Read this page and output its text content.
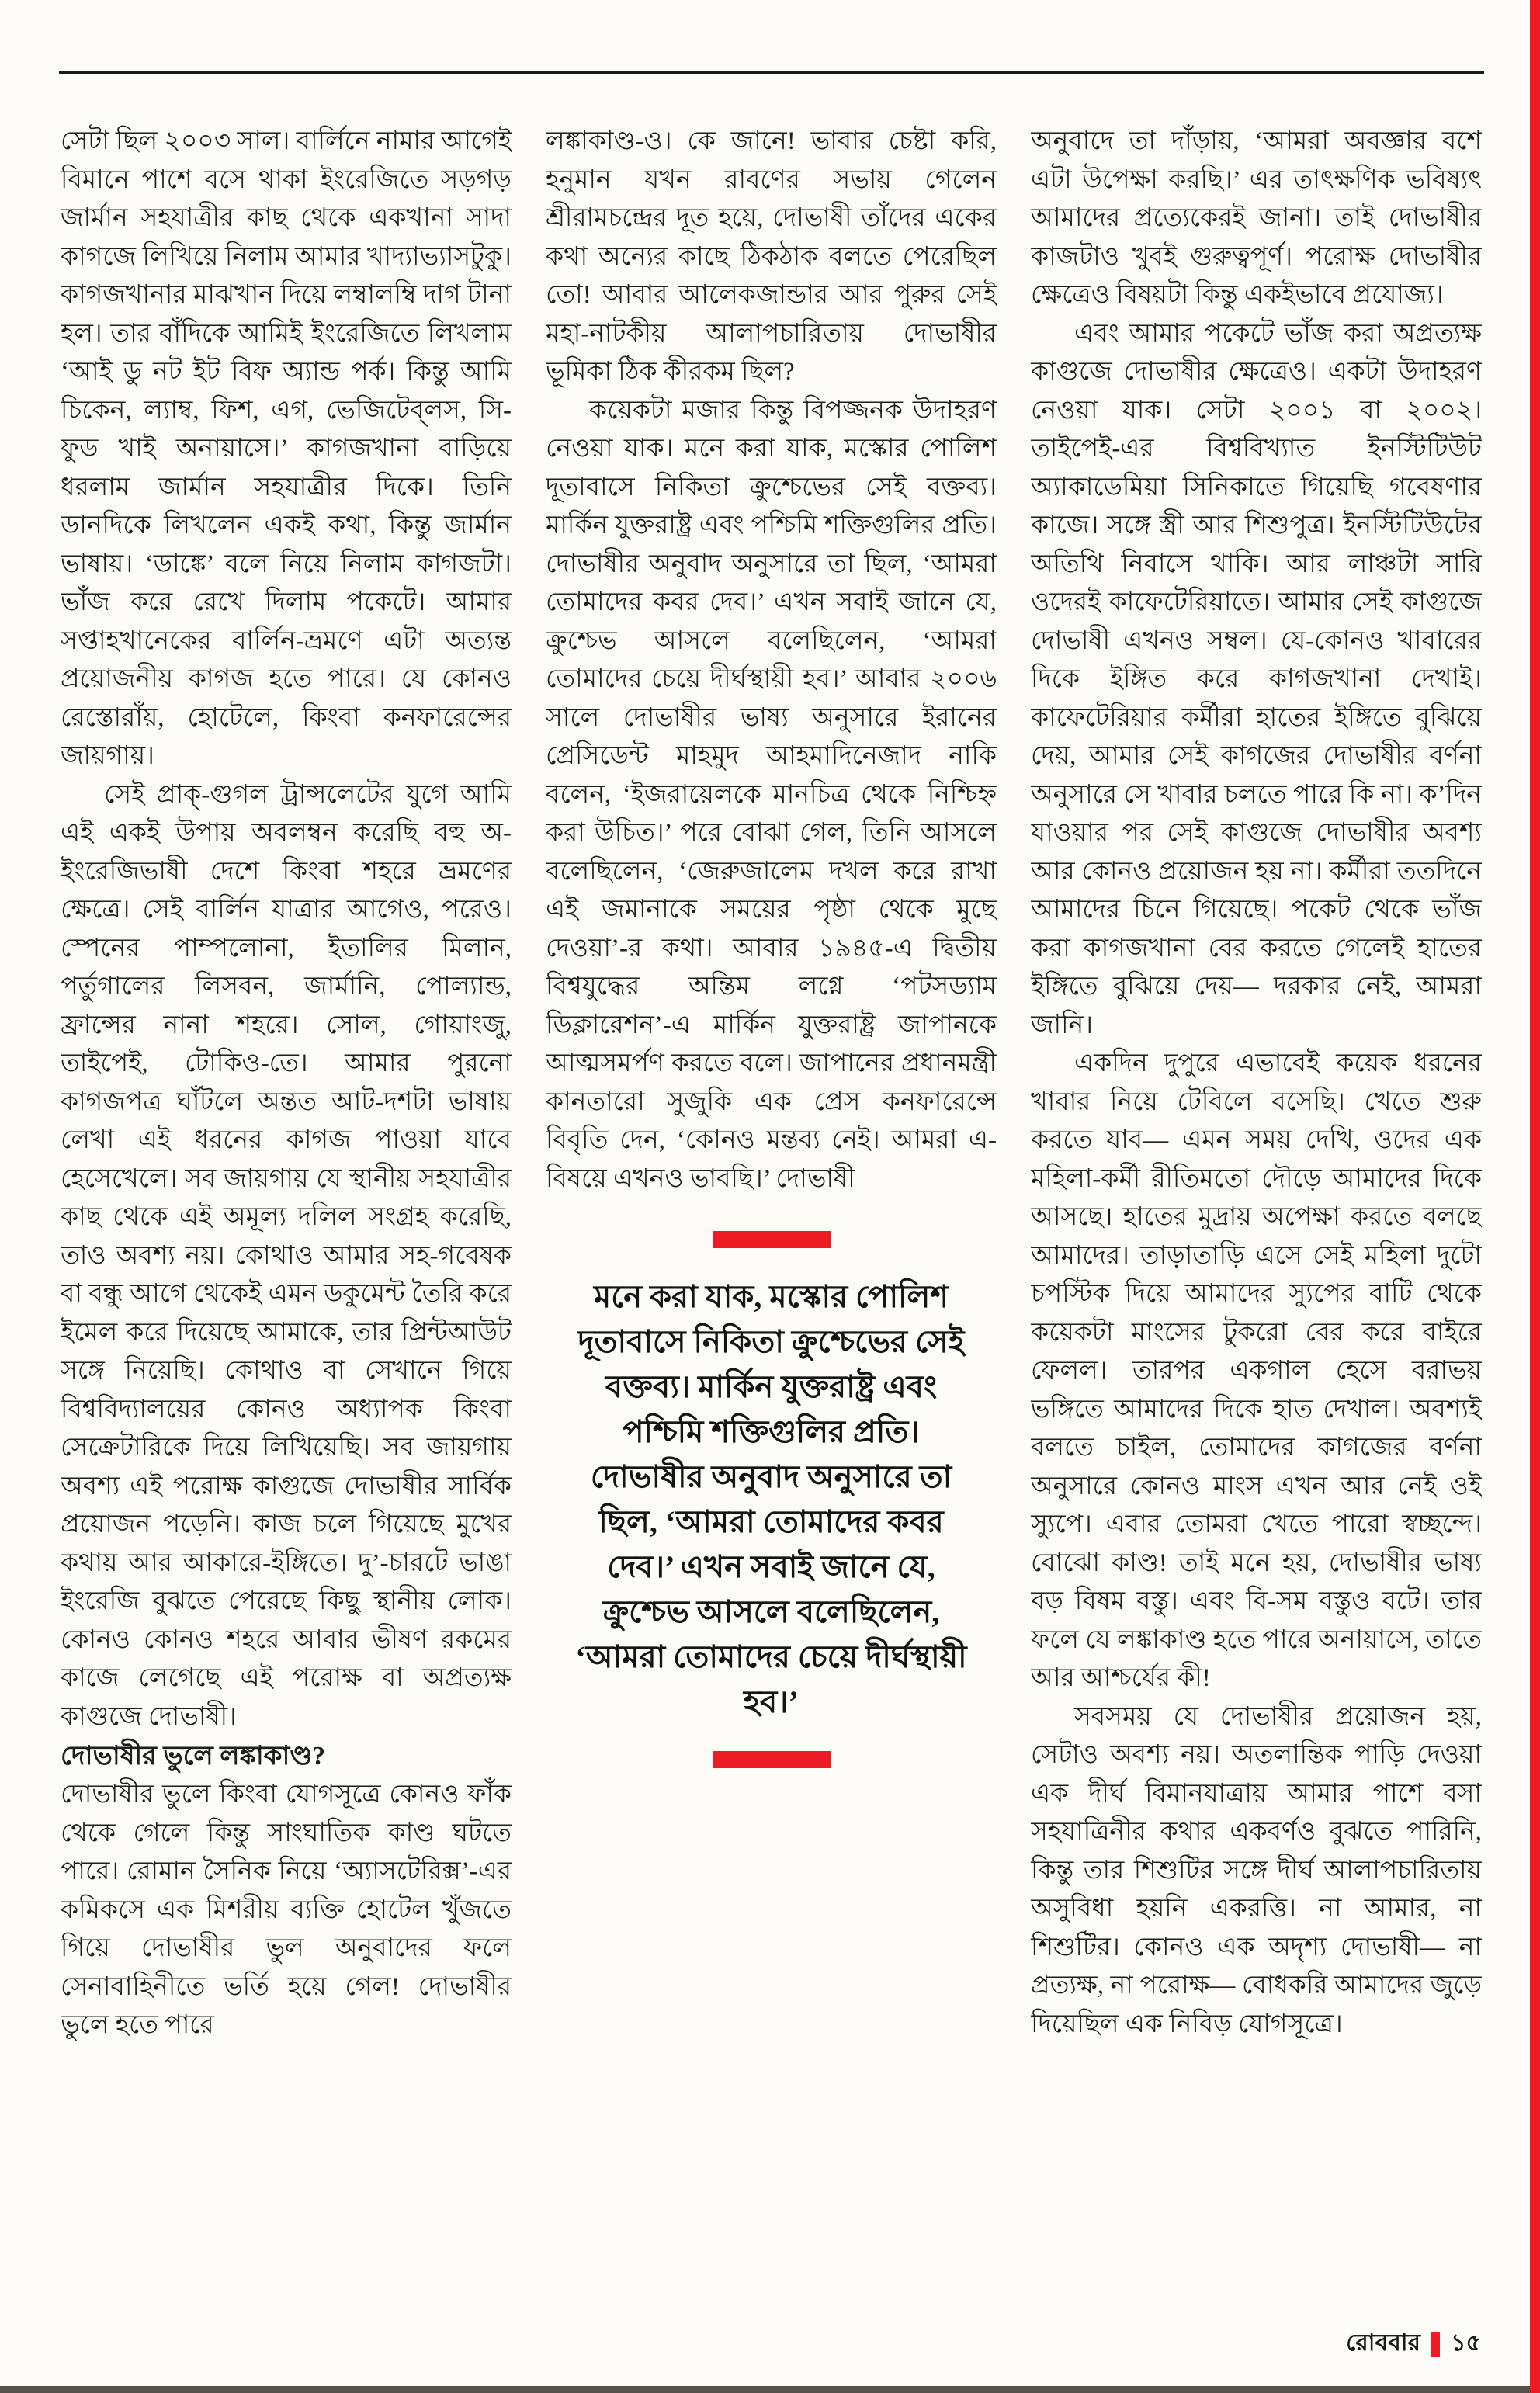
সেটা ছিল ২০০৩ সাল। বার্লিনে নামার আগেই বিমানে পাশে বসে থাকা ইংরেজিতে সড়গড় জার্মান সহযাত্রীর কাছ থেকে একখানা সাদা কাগজে লিখিয়ে নিলাম আমার খাদ্যাভ্যাসটুকু। কাগজখানার মাঝখান দিয়ে লম্বালম্বি দাগ টানা হল। তার বাঁদিকে আমিই ইংরেজিতে লিখলাম ‘আই ডু নট ইট বিফ অ্যান্ড পর্ক। কিন্তু আমি চিকেন, ল্যাম্ব, ফিশ, এগ, ভেজিটেব্‌লস, সি-ফুড খাই অনায়াসে।’ কাগজখানা বাড়িয়ে ধরলাম জার্মান সহযাত্রীর দিকে। তিনি ডানদিকে লিখলেন একই কথা, কিন্তু জার্মান ভাষায়। ‘ডাঙ্কে’ বলে নিয়ে নিলাম কাগজটা। ভাঁজ করে রেখে দিলাম পকেটে। আমার সপ্তাহখানেকের বার্লিন-ভ্রমণে এটা অত্যন্ত প্রয়োজনীয় কাগজ হতে পারে। যে কোনও রেস্তোরাঁয়, হোটেলে, কিংবা কনফারেন্সের জায়গায়।

সেই প্রাক্-গুগল ট্রান্সলেটের যুগে আমি এই একই উপায় অবলম্বন করেছি বহু অ-ইংরেজিভাষী দেশে কিংবা শহরে ভ্রমণের ক্ষেত্রে। সেই বার্লিন যাত্রার আগেও, পরেও। স্পেনের পাম্পলোনা, ইতালির মিলান, পর্তুগালের লিসবন, জার্মানি, পোল্যান্ড, ফ্রান্সের নানা শহরে। সোল, গোয়াংজু, তাইপেই, টোকিও-তে। আমার পুরনো কাগজপত্র ঘাঁটলে অন্তত আট-দশটা ভাষায় লেখা এই ধরনের কাগজ পাওয়া যাবে হেসেখেলে। সব জায়গায় যে স্থানীয় সহযাত্রীর কাছ থেকে এই অমূল্য দলিল সংগ্রহ করেছি, তাও অবশ্য নয়। কোথাও আমার সহ-গবেষক বা বন্ধু আগে থেকেই এমন ডকুমেন্ট তৈরি করে ইমেল করে দিয়েছে আমাকে, তার প্রিন্টআউট সঙ্গে নিয়েছি। কোথাও বা সেখানে গিয়ে বিশ্ববিদ্যালয়ের কোনও অধ্যাপক কিংবা সেক্রেটারিকে দিয়ে লিখিয়েছি। সব জায়গায় অবশ্য এই পরোক্ষ কাগুজে দোভাষীর সার্বিক প্রয়োজন পড়েনি। কাজ চলে গিয়েছে মুখের কথায় আর আকারে-ইঙ্গিতে। দু’-চারটে ভাঙা ইংরেজি বুঝতে পেরেছে কিছু স্থানীয় লোক। কোনও কোনও শহরে আবার ভীষণ রকমের কাজে লেগেছে এই পরোক্ষ বা অপ্রত্যক্ষ কাগুজে দোভাষী।

দোভাষীর ভুলে লঙ্কাকাণ্ড?

দোভাষীর ভুলে কিংবা যোগসূত্রে কোনও ফাঁক থেকে গেলে কিন্তু সাংঘাতিক কাণ্ড ঘটতে পারে। রোমান সৈনিক নিয়ে ‘অ্যাসটেরিক্স’-এর কমিকসে এক মিশরীয় ব্যক্তি হোটেল খুঁজতে গিয়ে দোভাষীর ভুল অনুবাদের ফলে সেনাবাহিনীতে ভর্তি হয়ে গেল! দোভাষীর ভুলে হতে পারে

লঙ্কাকাণ্ড-ও। কে জানে! ভাবার চেষ্টা করি, হনুমান যখন রাবণের সভায় গেলেন শ্রীরামচন্দ্রের দূত হয়ে, দোভাষী তাঁদের একের কথা অন্যের কাছে ঠিকঠাক বলতে পেরেছিল তো! আবার আলেকজান্ডার আর পুরুর সেই মহা-নাটকীয় আলাপচারিতায় দোভাষীর ভূমিকা ঠিক কীরকম ছিল?

কয়েকটা মজার কিন্তু বিপজ্জনক উদাহরণ নেওয়া যাক। মনে করা যাক, মস্কোর পোলিশ দূতাবাসে নিকিতা ক্রুশ্চেভের সেই বক্তব্য। মার্কিন যুক্তরাষ্ট্র এবং পশ্চিমি শক্তিগুলির প্রতি। দোভাষীর অনুবাদ অনুসারে তা ছিল, ‘আমরা তোমাদের কবর দেব।’ এখন সবাই জানে যে, ক্রুশ্চেভ আসলে বলেছিলেন, ‘আমরা তোমাদের চেয়ে দীর্ঘস্থায়ী হব।’ আবার ২০০৬ সালে দোভাষীর ভাষ্য অনুসারে ইরানের প্রেসিডেন্ট মাহমুদ আহমাদিনেজাদ নাকি বলেন, ‘ইজরায়েলকে মানচিত্র থেকে নিশ্চিহ্ন করা উচিত।’ পরে বোঝা গেল, তিনি আসলে বলেছিলেন, ‘জেরুজালেম দখল করে রাখা এই জমানাকে সময়ের পৃষ্ঠা থেকে মুছে দেওয়া’-র কথা। আবার ১৯৪৫-এ দ্বিতীয় বিশ্বযুদ্ধের অন্তিম লগ্নে ‘পটসড্যাম ডিক্লারেশন’-এ মার্কিন যুক্তরাষ্ট্র জাপানকে আত্মসমর্পণ করতে বলে। জাপানের প্রধানমন্ত্রী কানতারো সুজুকি এক প্রেস কনফারেন্সে বিবৃতি দেন, ‘কোনও মন্তব্য নেই। আমরা এ-বিষয়ে এখনও ভাবছি।’ দোভাষী

মনে করা যাক, মস্কোর পোলিশ দূতাবাসে নিকিতা ক্রুশ্চেভের সেই বক্তব্য। মার্কিন যুক্তরাষ্ট্র এবং পশ্চিমি শক্তিগুলির প্রতি। দোভাষীর অনুবাদ অনুসারে তা ছিল, ‘আমরা তোমাদের কবর দেব।’ এখন সবাই জানে যে, ক্রুশ্চেভ আসলে বলেছিলেন, ‘আমরা তোমাদের চেয়ে দীর্ঘস্থায়ী হব।’

অনুবাদে তা দাঁড়ায়, ‘আমরা অবজ্ঞার বশে এটা উপেক্ষা করছি।’ এর তাৎক্ষণিক ভবিষ্যৎ আমাদের প্রত্যেকেরই জানা। তাই দোভাষীর কাজটাও খুবই গুরুত্বপূর্ণ। পরোক্ষ দোভাষীর ক্ষেত্রেও বিষয়টা কিন্তু একইভাবে প্রযোজ্য।

এবং আমার পকেটে ভাঁজ করা অপ্রত্যক্ষ কাগুজে দোভাষীর ক্ষেত্রেও। একটা উদাহরণ নেওয়া যাক। সেটা ২০০১ বা ২০০২। তাইপেই-এর বিশ্ববিখ্যাত ইনস্টিটিউট অ্যাকাডেমিয়া সিনিকাতে গিয়েছি গবেষণার কাজে। সঙ্গে স্ত্রী আর শিশুপুত্র। ইনস্টিটিউটের অতিথি নিবাসে থাকি। আর লাঞ্চটা সারি ওদেরই কাফেটেরিয়াতে। আমার সেই কাগুজে দোভাষী এখনও সম্বল। যে-কোনও খাবারের দিকে ইঙ্গিত করে কাগজখানা দেখাই। কাফেটেরিয়ার কর্মীরা হাতের ইঙ্গিতে বুঝিয়ে দেয়, আমার সেই কাগজের দোভাষীর বর্ণনা অনুসারে সে খাবার চলতে পারে কি না। ক’দিন যাওয়ার পর সেই কাগুজে দোভাষীর অবশ্য আর কোনও প্রয়োজন হয় না। কর্মীরা ততদিনে আমাদের চিনে গিয়েছে। পকেট থেকে ভাঁজ করা কাগজখানা বের করতে গেলেই হাতের ইঙ্গিতে বুঝিয়ে দেয়— দরকার নেই, আমরা জানি।

একদিন দুপুরে এভাবেই কয়েক ধরনের খাবার নিয়ে টেবিলে বসেছি। খেতে শুরু করতে যাব— এমন সময় দেখি, ওদের এক মহিলা-কর্মী রীতিমতো দৌড়ে আমাদের দিকে আসছে। হাতের মুদ্রায় অপেক্ষা করতে বলছে আমাদের। তাড়াতাড়ি এসে সেই মহিলা দুটো চপস্টিক দিয়ে আমাদের স্যুপের বাটি থেকে কয়েকটা মাংসের টুকরো বের করে বাইরে ফেলল। তারপর একগাল হেসে বরাভয় ভঙ্গিতে আমাদের দিকে হাত দেখাল। অবশ্যই বলতে চাইল, তোমাদের কাগজের বর্ণনা অনুসারে কোনও মাংস এখন আর নেই ওই স্যুপে। এবার তোমরা খেতে পারো স্বচ্ছন্দে। বোঝো কাণ্ড! তাই মনে হয়, দোভাষীর ভাষ্য বড় বিষম বস্তু। এবং বি-সম বস্তুও বটে। তার ফলে যে লঙ্কাকাণ্ড হতে পারে অনায়াসে, তাতে আর আশ্চর্যের কী!

সবসময় যে দোভাষীর প্রয়োজন হয়, সেটাও অবশ্য নয়। অতলান্তিক পাড়ি দেওয়া এক দীর্ঘ বিমানযাত্রায় আমার পাশে বসা সহযাত্রিনীর কথার একবর্ণও বুঝতে পারিনি, কিন্তু তার শিশুটির সঙ্গে দীর্ঘ আলাপচারিতায় অসুবিধা হয়নি একরত্তি। না আমার, না শিশুটির। কোনও এক অদৃশ্য দোভাষী— না প্রত্যক্ষ, না পরোক্ষ— বোধকরি আমাদের জুড়ে দিয়েছিল এক নিবিড় যোগসূত্রে।

রোববার ১৫
